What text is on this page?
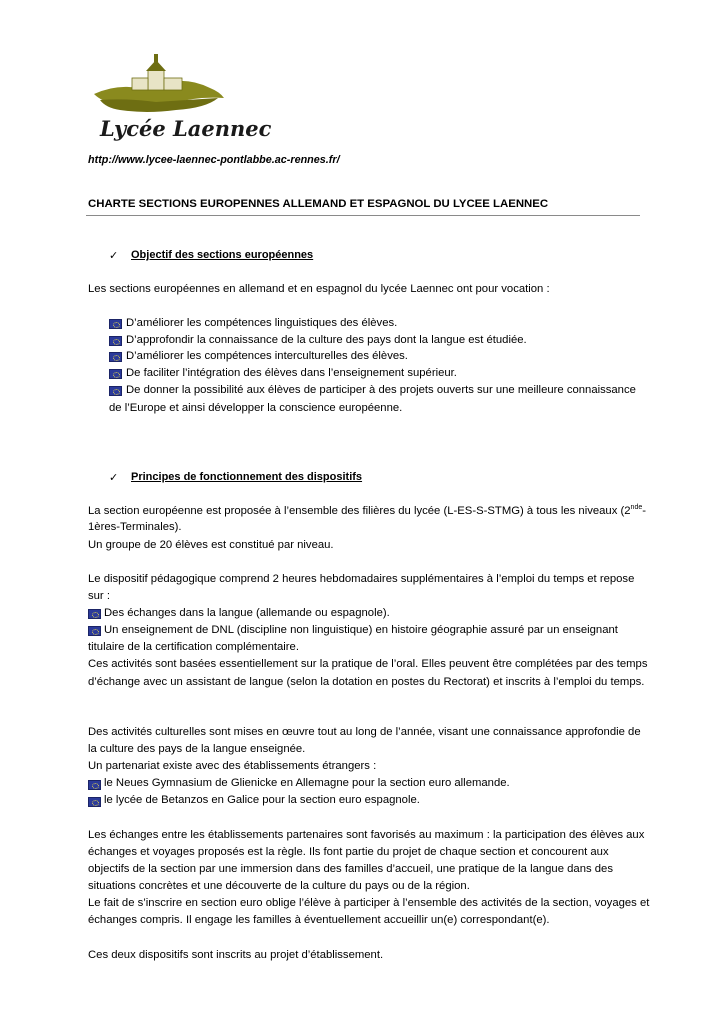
Lycée Laennec
http://www.lycee-laennec-pontlabbe.ac-rennes.fr/
CHARTE SECTIONS EUROPENNES ALLEMAND ET ESPAGNOL DU LYCEE LAENNEC
✓ Objectif des sections européennes
Les sections européennes en allemand et en espagnol du lycée Laennec ont pour vocation :
D’améliorer les compétences linguistiques des élèves.
D’approfondir la connaissance de la culture des pays dont la langue est étudiée.
D’améliorer les compétences interculturelles des élèves.
De faciliter l’intégration des élèves dans l’enseignement supérieur.
De donner la possibilité aux élèves de participer à des projets ouverts sur une meilleure connaissance
de l’Europe et ainsi développer la conscience européenne.
✓ Principes de fonctionnement des dispositifs
La section européenne est proposée à l’ensemble des filières du lycée (L-ES-S-STMG) à tous les niveaux (2nde-
1ères-Terminales).
Un groupe de 20 élèves est constitué par niveau.
Le dispositif pédagogique comprend 2 heures hebdomadaires supplémentaires à l’emploi du temps et repose
sur :
Des échanges dans la langue (allemande ou espagnole).
Un enseignement de DNL (discipline non linguistique) en histoire géographie assuré par un enseignant
titulaire de la certification complémentaire.
Ces activités sont basées essentiellement sur la pratique de l’oral. Elles peuvent être complétées par des temps
d’échange avec un assistant de langue (selon la dotation en postes du Rectorat) et inscrits à l’emploi du temps.
Des activités culturelles sont mises en œuvre tout au long de l’année, visant une connaissance approfondie de
la culture des pays de la langue enseignée.
Un partenariat existe avec des établissements étrangers :
le Neues Gymnasium de Glienicke en Allemagne pour la section euro allemande.
le lycée de Betanzos en Galice pour la section euro espagnole.
Les échanges entre les établissements partenaires sont favorisés au maximum : la participation des élèves aux
échanges et voyages proposés est la règle. Ils font partie du projet de chaque section et concourent aux
objectifs de la section par une immersion dans des familles d’accueil, une pratique de la langue dans des
situations concrètes et une découverte de la culture du pays ou de la région.
Le fait de s’inscrire en section euro oblige l’élève à participer à l’ensemble des activités de la section, voyages et
échanges compris. Il engage les familles à éventuellement accueillir un(e) correspondant(e).
Ces deux dispositifs sont inscrits au projet d’établissement.
